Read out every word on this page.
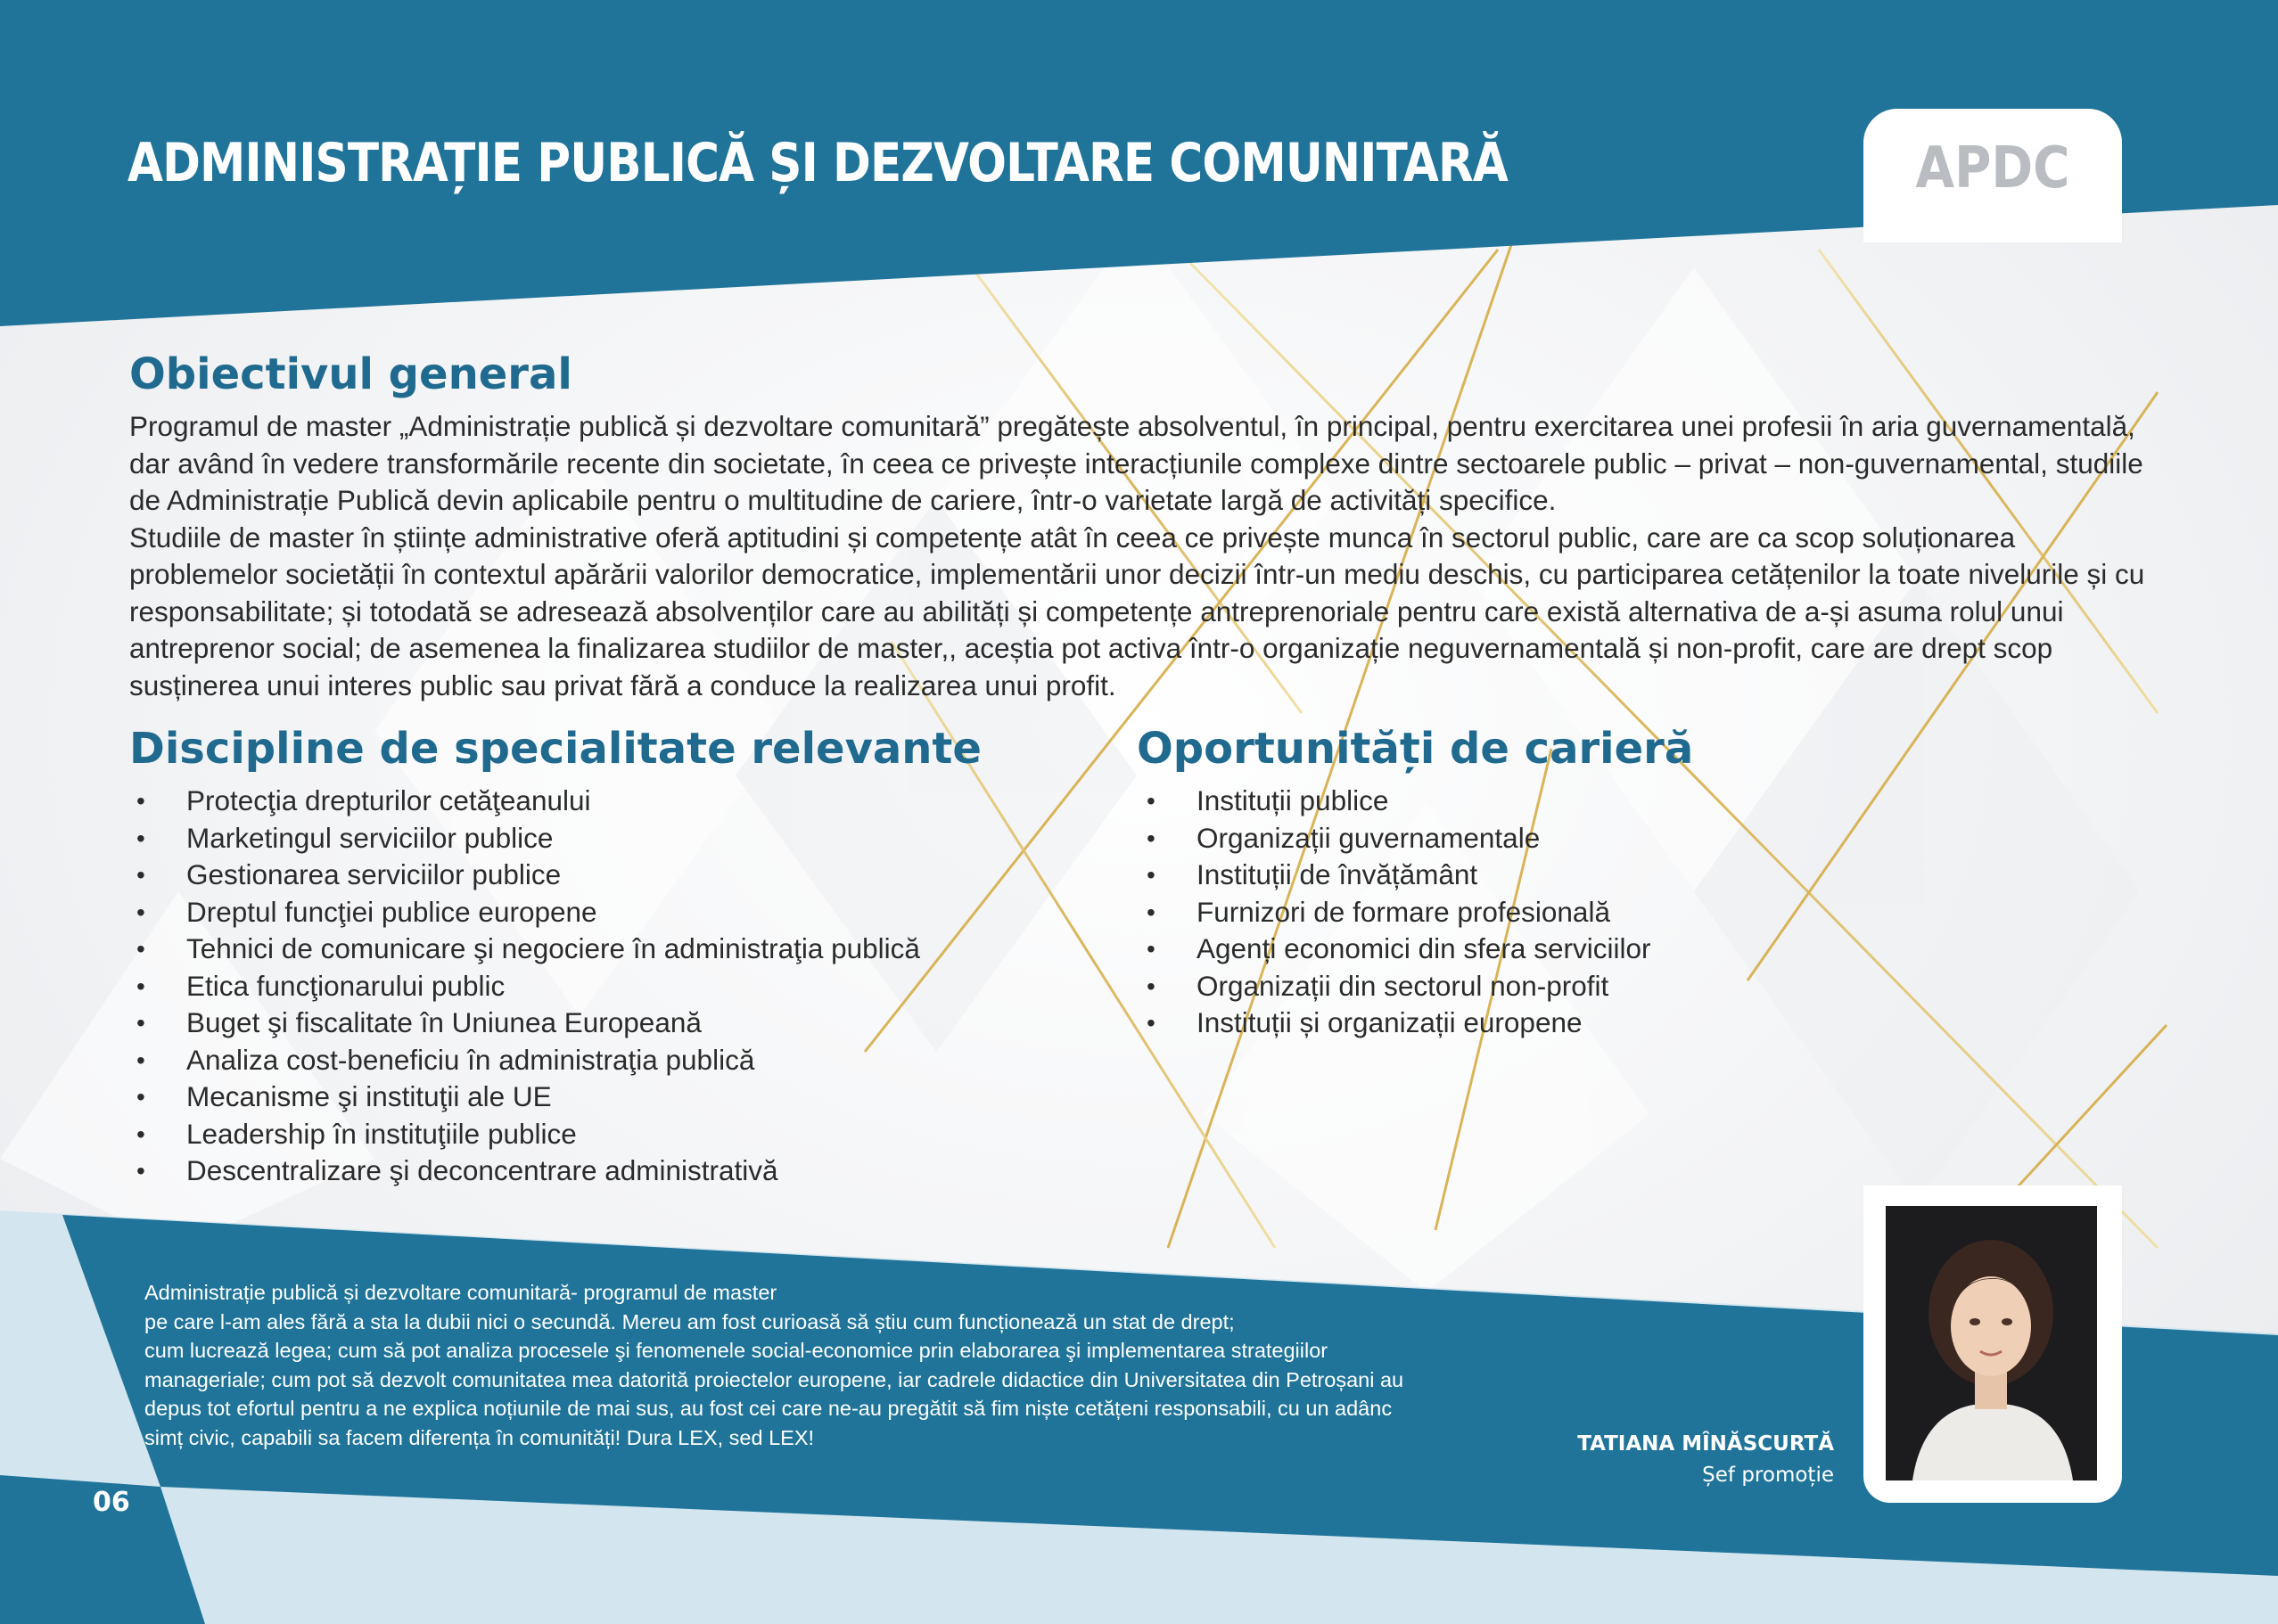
ADMINISTRAȚIE PUBLICĂ ȘI DEZVOLTARE COMUNITARĂ	APDC
Obiectivul general

Programul de master „Administrație publică și dezvoltare comunitară” pregătește absolventul, în principal, pentru exercitarea unei profesii în aria guvernamentală, dar având în vedere transformările recente din societate, în ceea ce privește interacțiunile complexe dintre sectoarele public – privat – non-guvernamental, studiile de Administrație Publică devin aplicabile pentru o multitudine de cariere, într-o varietate largă de activități specifice.

Studiile de master în științe administrative oferă aptitudini și competențe atât în ceea ce privește munca în sectorul public, care are ca scop soluționarea problemelor societății în contextul apărării valorilor democratice, implementării unor decizii într-un mediu deschis, cu participarea cetățenilor la toate nivelurile și cu responsabilitate; și totodată se adresează absolvenților care au abilități și competențe antreprenoriale pentru care există alternativa de a-și asuma rolul unui antreprenor social; de asemenea la finalizarea studiilor de master,, aceștia pot activa într-o organizație neguvernamentală și non-profit, care are drept scop susținerea unui interes public sau privat fără a conduce la realizarea unui profit.

Discipline de specialitate relevante
• Protecţia drepturilor cetăţeanului
• Marketingul serviciilor publice
• Gestionarea serviciilor publice
• Dreptul funcţiei publice europene
• Tehnici de comunicare şi negociere în administraţia publică
• Etica funcţionarului public
• Buget şi fiscalitate în Uniunea Europeană
• Analiza cost-beneficiu în administraţia publică
• Mecanisme şi instituţii ale UE
• Leadership în instituţiile publice
• Descentralizare şi deconcentrare administrativă
Oportunități de carieră
• Instituții publice
• Organizații guvernamentale
• Instituții de învățământ
• Furnizori de formare profesională
• Agenți economici din sfera serviciilor
• Organizații din sectorul non-profit
• Instituții și organizații europene
Administrație publică și dezvoltare comunitară- programul de master
pe care l-am ales fără a sta la dubii nici o secundă. Mereu am fost curioasă să știu cum funcționează un stat de drept;
cum lucrează legea; cum să pot analiza procesele şi fenomenele social-economice prin elaborarea şi implementarea strategiilor
manageriale; cum pot să dezvolt comunitatea mea datorită proiectelor europene, iar cadrele didactice din Universitatea din Petroșani au
depus tot efortul pentru a ne explica noțiunile de mai sus, au fost cei care ne-au pregătit să fim niște cetățeni responsabili, cu un adânc
simț civic, capabili sa facem diferența în comunități! Dura LEX, sed LEX!	TATIANA MÎNĂSCURTĂ

Șef promoție

06
